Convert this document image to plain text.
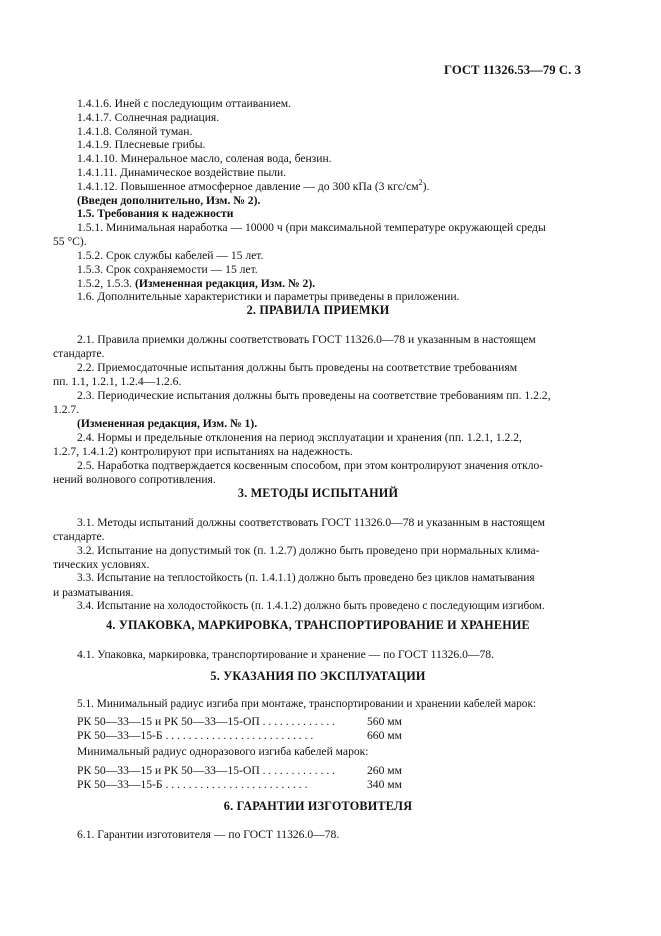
ГОСТ 11326.53—79 С. 3

1.4.1.6. Иней с последующим оттаиванием.

1.4.1.7. Солнечная радиация.

1.4.1.8. Соляной туман.

1.4.1.9. Плесневые грибы.

1.4.1.10. Минеральное масло, соленая вода, бензин.

1.4.1.11. Динамическое воздействие пыли.

1.4.1.12. Повышенное атмосферное давление — до 300 кПа (3 кгс/$см^2$).

(Введен дополнительно, Изм. № 2).

1.5. Требования к надежности

1.5.1. Минимальная наработка — 10000 ч (при максимальной температуре окружающей среды

55 °С).

1.5.2. Срок службы кабелей — 15 лет.

1.5.3. Срок сохраняемости — 15 лет.

1.5.2, 1.5.3. (Измененная редакция, Изм. № 2).

1.6. Дополнительные характеристики и параметры приведены в приложении.

2. ПРАВИЛА ПРИЕМКИ

2.1. Правила приемки должны соответствовать ГОСТ 11326.0—78 и указанным в настоящем

стандарте.

2.2. Приемосдаточные испытания должны быть проведены на соответствие требованиям

пп. 1.1, 1.2.1, 1.2.4—1.2.6.

2.3. Периодические испытания должны быть проведены на соответствие требованиям пп. 1.2.2,

1.2.7.

(Измененная редакция, Изм. № 1).

2.4. Нормы и предельные отклонения на период эксплуатации и хранения (пп. 1.2.1, 1.2.2,

1.2.7, 1.4.1.2) контролируют при испытаниях на надежность.

2.5. Наработка подтверждается косвенным способом, при этом контролируют значения откло-

нений волнового сопротивления.

3. МЕТОДЫ ИСПЫТАНИЙ

3.1. Методы испытаний должны соответствовать ГОСТ 11326.0—78 и указанным в настоящем

стандарте.

3.2. Испытание на допустимый ток (п. 1.2.7) должно быть проведено при нормальных клима-

тических условиях.

3.3. Испытание на теплостойкость (п. 1.4.1.1) должно быть проведено без циклов наматывания

и разматывания.

3.4. Испытание на холодостойкость (п. 1.4.1.2) должно быть проведено с последующим изгибом.

4. УПАКОВКА, МАРКИРОВКА, ТРАНСПОРТИРОВАНИЕ И ХРАНЕНИЕ

4.1. Упаковка, маркировка, транспортирование и хранение — по ГОСТ 11326.0—78.

5. УКАЗАНИЯ ПО ЭКСПЛУАТАЦИИ

5.1. Минимальный радиус изгиба при монтаже, транспортировании и хранении кабелей марок:

РК 50—33—15 и РК 50—33—15-ОП . . . . . . . . . . . . .	560 мм
РК 50—33—15-Б . . . . . . . . . . . . . . . . . . . . . . . . . .	660 мм

Минимальный радиус одноразового изгиба кабелей марок:

РК 50—33—15 и РК 50—33—15-ОП . . . . . . . . . . . . .	260 мм
РК 50—33—15-Б . . . . . . . . . . . . . . . . . . . . . . . . .	340 мм

6. ГАРАНТИИ ИЗГОТОВИТЕЛЯ

6.1. Гарантии изготовителя — по ГОСТ 11326.0—78.
